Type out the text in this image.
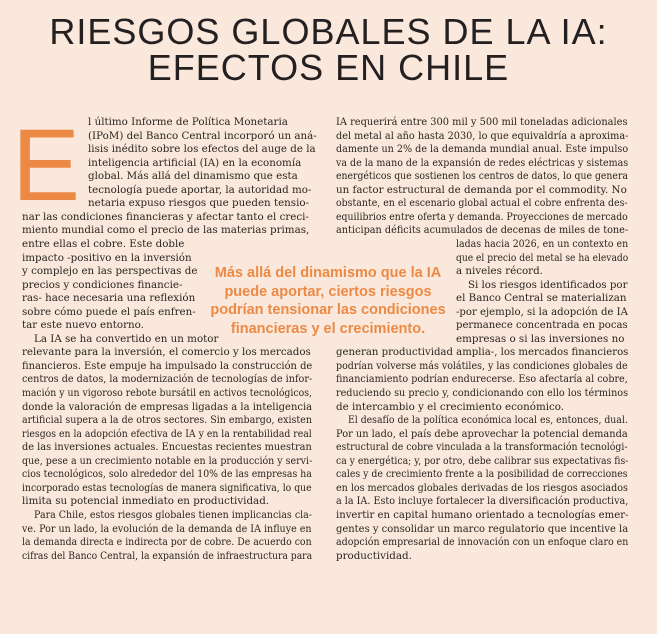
RIESGOS GLOBALES DE LA IA:
EFECTOS EN CHILE
E l último Informe de Política Monetaria
(IPoM) del Banco Central incorporó un aná-
lisis inédito sobre los efectos del auge de la
inteligencia artificial (IA) en la economía
global. Más allá del dinamismo que esta
tecnología puede aportar, la autoridad mo-
netaria expuso riesgos que pueden tensio-
nar las condiciones financieras y afectar tanto el creci-
miento mundial como el precio de las materias primas,
entre ellas el cobre. Este doble
impacto -positivo en la inversión
y complejo en las perspectivas de
precios y condiciones financie-
ras- hace necesaria una reflexión
sobre cómo puede el país enfren-
tar este nuevo entorno.
La IA se ha convertido en un motor
relevante para la inversión, el comercio y los mercados
financieros. Este empuje ha impulsado la construcción de
centros de datos, la modernización de tecnologías de infor-
mación y un vigoroso rebote bursátil en activos tecnológicos,
donde la valoración de empresas ligadas a la inteligencia
artificial supera a la de otros sectores. Sin embargo, existen
riesgos en la adopción efectiva de IA y en la rentabilidad real
de las inversiones actuales. Encuestas recientes muestran
que, pese a un crecimiento notable en la producción y servi-
cios tecnológicos, solo alrededor del 10% de las empresas ha
incorporado estas tecnologías de manera significativa, lo que
limita su potencial inmediato en productividad.
Para Chile, estos riesgos globales tienen implicancias cla-
ve. Por un lado, la evolución de la demanda de IA influye en
la demanda directa e indirecta por de cobre. De acuerdo con
cifras del Banco Central, la expansión de infraestructura para
IA requerirá entre 300 mil y 500 mil toneladas adicionales
del metal al año hasta 2030, lo que equivaldría a aproxima-
damente un 2% de la demanda mundial anual. Este impulso
va de la mano de la expansión de redes eléctricas y sistemas
energéticos que sostienen los centros de datos, lo que genera
un factor estructural de demanda por el commodity. No
obstante, en el escenario global actual el cobre enfrenta des-
equilibrios entre oferta y demanda. Proyecciones de mercado
anticipan déficits acumulados de decenas de miles de tone-
ladas hacia 2026, en un contexto en
que el precio del metal se ha elevado
a niveles récord.
Si los riesgos identificados por
el Banco Central se materializan
-por ejemplo, si la adopción de IA
permanece concentrada en pocas
empresas o si las inversiones no
generan productividad amplia-, los mercados financieros
podrían volverse más volátiles, y las condiciones globales de
financiamiento podrían endurecerse. Eso afectaría al cobre,
reduciendo su precio y, condicionando con ello los términos
de intercambio y el crecimiento económico.
El desafío de la política económica local es, entonces, dual.
Por un lado, el país debe aprovechar la potencial demanda
estructural de cobre vinculada a la transformación tecnológi-
ca y energética; y, por otro, debe calibrar sus expectativas fis-
cales y de crecimiento frente a la posibilidad de correcciones
en los mercados globales derivadas de los riesgos asociados
a la IA. Esto incluye fortalecer la diversificación productiva,
invertir en capital humano orientado a tecnologías emer-
gentes y consolidar un marco regulatorio que incentive la
adopción empresarial de innovación con un enfoque claro en
productividad.
Más allá del dinamismo que la IA
puede aportar, ciertos riesgos
podrían tensionar las condiciones
financieras y el crecimiento.
